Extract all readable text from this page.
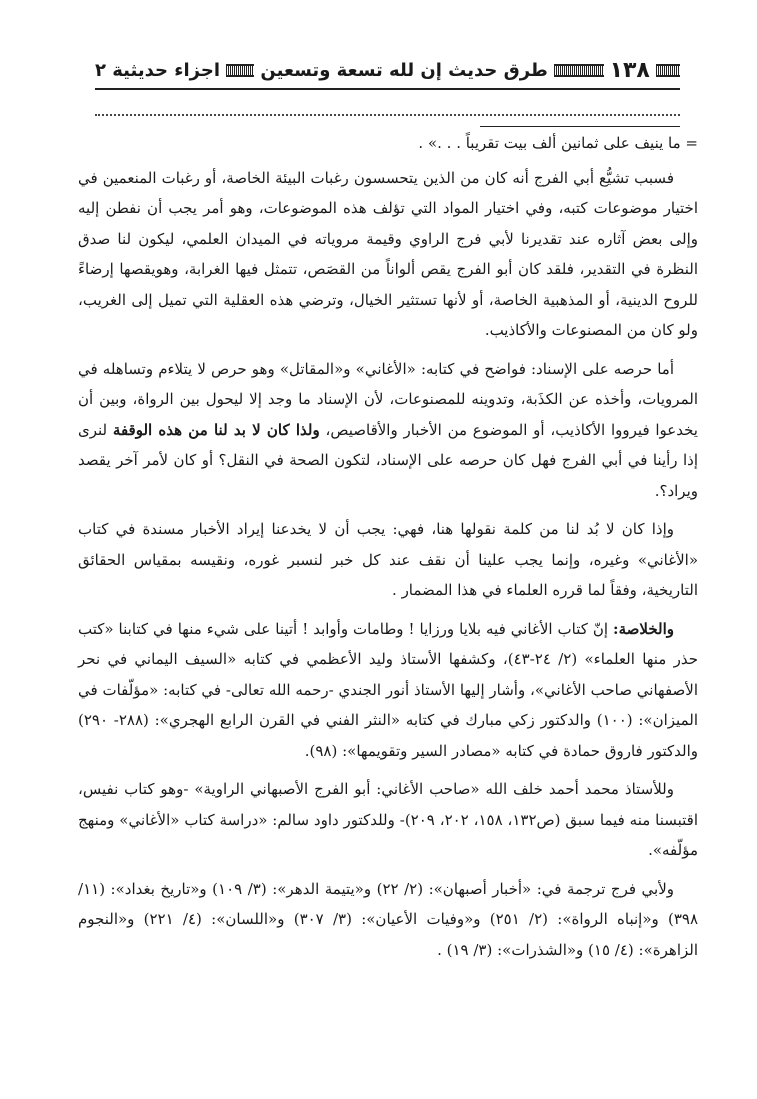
١٣٨
طرق حديث إن لله تسعة وتسعين
اجزاء حديثية ٢

= ما ينيف على ثمانين ألف بيت تقريباً . . .» .

فسبب تشيُّع أبي الفرج أنه كان من الذين يتحسسون رغبات البيئة الخاصة، أو رغبات المنعمين في اختيار موضوعات كتبه، وفي اختيار المواد التي تؤلف هذه الموضوعات، وهو أمر يجب أن نفطن إليه وإلى بعض آثاره عند تقديرنا لأبي فرج الراوي وقيمة مروياته في الميدان العلمي، ليكون لنا صدق النظرة في التقدير، فلقد كان أبو الفرج يقص ألواناً من القصَص، تتمثل فيها الغرابة، وهويقصها إرضاءً للروح الدينية، أو المذهبية الخاصة، أو لأنها تستثير الخيال، وترضي هذه العقلية التي تميل إلى الغريب، ولو كان من المصنوعات والأكاذيب.

أما حرصه على الإسناد: فواضح في كتابه: «الأغاني» و«المقاتل» وهو حرص لا يتلاءم وتساهله في المرويات، وأخذه عن الكذَبة، وتدوينه للمصنوعات، لأن الإسناد ما وجد إلا ليحول بين الرواة، وبين أن يخدعوا فيرووا الأكاذيب، أو الموضوع من الأخبار والأقاصيص، ولذا كان لا بد لنا من هذه الوقفة لنرى إذا رأينا في أبي الفرج فهل كان حرصه على الإسناد، لتكون الصحة في النقل؟ أو كان لأمر آخر يقصد ويراد؟.

وإذا كان لا بُد لنا من كلمة نقولها هنا، فهي: يجب أن لا يخدعنا إيراد الأخبار مسندة في كتاب «الأغاني» وغيره، وإنما يجب علينا أن نقف عند كل خبر لنسبر غوره، ونقيسه بمقياس الحقائق التاريخية، وفقاً لما قرره العلماء في هذا المضمار .

والخلاصة: إنّ كتاب الأغاني فيه بلايا ورزايا ! وطامات وأوابد ! أتينا على شيء منها في كتابنا «كتب حذر منها العلماء» (٢/ ٢٤-٤٣)، وكشفها الأستاذ وليد الأعظمي في كتابه «السيف اليماني في نحر الأصفهاني صاحب الأغاني»، وأشار إليها الأستاذ أنور الجندي -رحمه الله تعالى- في كتابه: «مؤلّفات في الميزان»: (١٠٠) والدكتور زكي مبارك في كتابه «النثر الفني في القرن الرابع الهجري»: (٢٨٨- ٢٩٠) والدكتور فاروق حمادة في كتابه «مصادر السير وتقويمها»: (٩٨).

وللأستاذ محمد أحمد خلف الله «صاحب الأغاني: أبو الفرج الأصبهاني الراوية» -وهو كتاب نفيس، اقتبسنا منه فيما سبق (ص١٣٢، ١٥٨، ٢٠٢، ٢٠٩)- وللدكتور داود سالم: «دراسة كتاب «الأغاني» ومنهج مؤلّفه».

ولأبي فرج ترجمة في: «أخبار أصبهان»: (٢/ ٢٢) و«يتيمة الدهر»: (٣/ ١٠٩) و«تاريخ بغداد»: (١١/ ٣٩٨) و«إنباه الرواة»: (٢/ ٢٥١) و«وفيات الأعيان»: (٣/ ٣٠٧) و«اللسان»: (٤/ ٢٢١) و«النجوم الزاهرة»: (٤/ ١٥) و«الشذرات»: (٣/ ١٩) .
